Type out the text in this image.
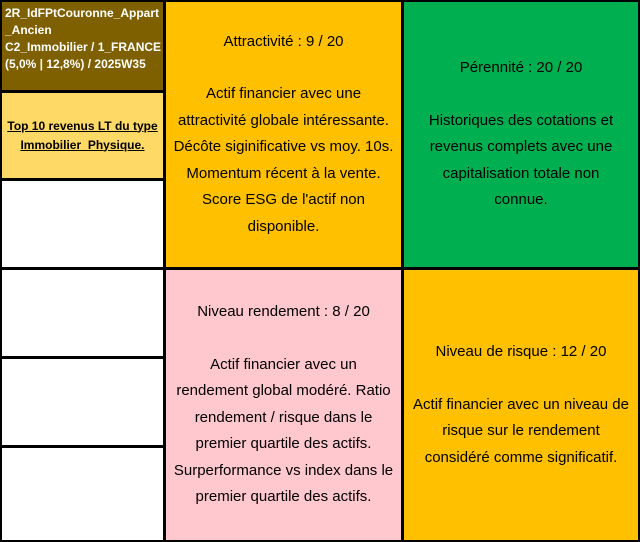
2R_IdFPtCouronne_Appart
_Ancien
C2_Immobilier / 1_FRANCE
(5,0% | 12,8%) / 2025W35
Top 10 revenus LT du type
Immobilier_Physique.
Attractivité : 9 / 20
Actif financier avec une
attractivité globale intéressante.
Décôte siginificative vs moy. 10s.
Momentum récent à la vente.
Score ESG de l'actif non
disponible.
Pérennité : 20 / 20
Historiques des cotations et
revenus complets avec une
capitalisation totale non
connue.
Niveau rendement : 8 / 20
Actif financier avec un
rendement global modéré. Ratio
rendement / risque dans le
premier quartile des actifs.
Surperformance vs index dans le
premier quartile des actifs.
Niveau de risque : 12 / 20
Actif financier avec un niveau de
risque sur le rendement
considéré comme significatif.
